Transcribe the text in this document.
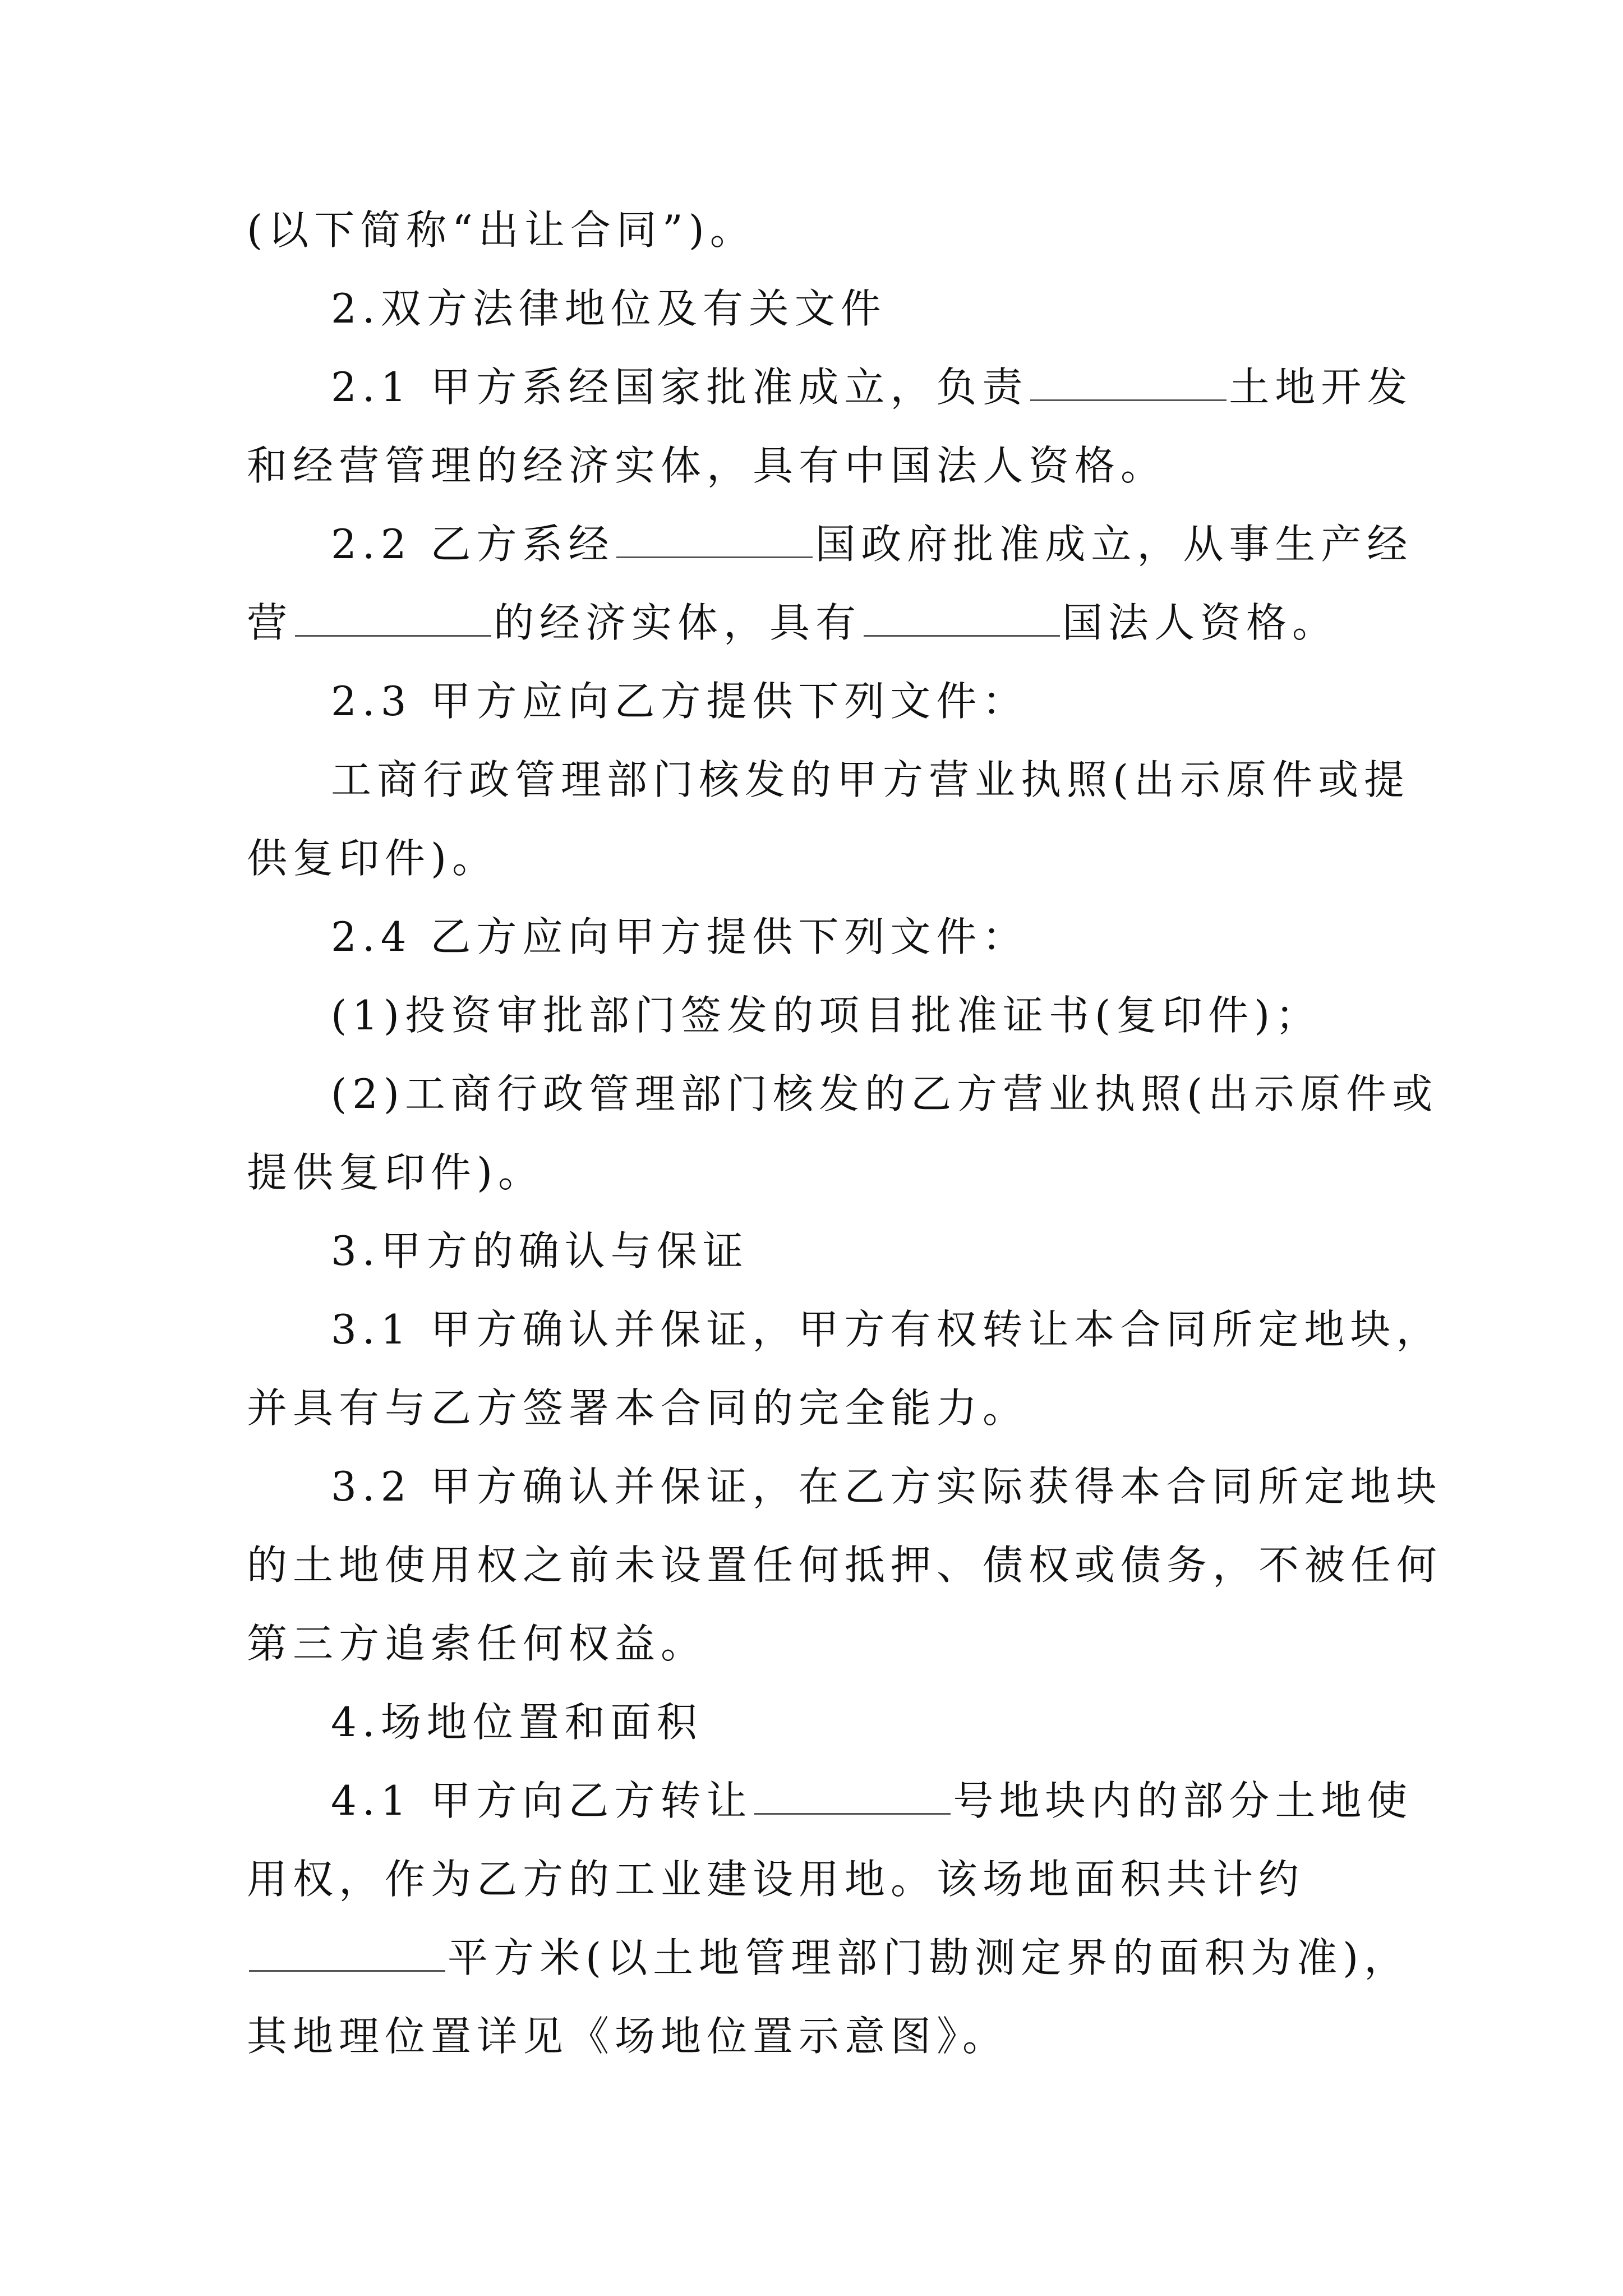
(以下简称“出让合同”)。
2.双方法律地位及有关文件
2.1 甲方系经国家批准成立，负责	土地开发
和经营管理的经济实体，具有中国法人资格。
2.2 乙方系经	国政府批准成立，从事生产经
营	的经济实体，具有	国法人资格。
2.3 甲方应向乙方提供下列文件：
工商行政管理部门核发的甲方营业执照(出示原件或提
供复印件)。
2.4 乙方应向甲方提供下列文件：
(1)投资审批部门签发的项目批准证书(复印件)；
(2)工商行政管理部门核发的乙方营业执照(出示原件或
提供复印件)。
3.甲方的确认与保证
3.1 甲方确认并保证，甲方有权转让本合同所定地块，
并具有与乙方签署本合同的完全能力。
3.2 甲方确认并保证，在乙方实际获得本合同所定地块
的土地使用权之前未设置任何抵押、债权或债务，不被任何
第三方追索任何权益。
4.场地位置和面积
4.1 甲方向乙方转让	号地块内的部分土地使
用权，作为乙方的工业建设用地。该场地面积共计约
平方米(以土地管理部门勘测定界的面积为准)，
其地理位置详见《场地位置示意图》。
